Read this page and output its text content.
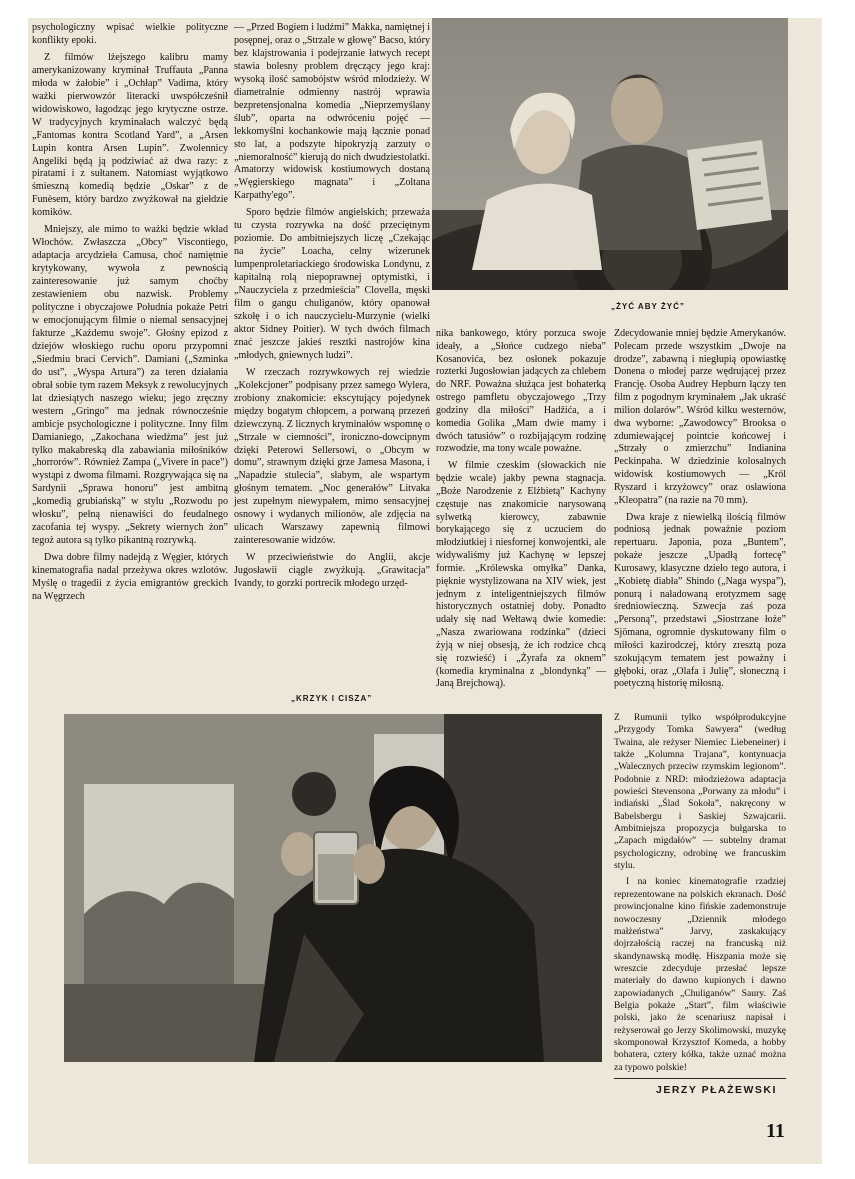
psychologiczny wpisać wielkie polityczne konflikty epoki.

Z filmów lżejszego kalibru mamy amerykanizowany kryminał Truffauta „Panna młoda w żałobie” i „Ochłap” Vadima, który ważki pierwowzór literacki uwspółcześnił widowiskowo, łagodząc jego krytyczne ostrze. W tradycyjnych kryminałach walczyć będą „Fantomas kontra Scotland Yard”, a „Arsen Lupin kontra Arsen Lupin”. Zwolennicy Angeliki będą ją podziwiać aż dwa razy: z piratami i z sułtanem. Natomiast wyjątkowo śmieszną komedią będzie „Oskar” z de Funèsem, który bardzo zwyżkował na giełdzie komików.

Mniejszy, ale mimo to ważki będzie wkład Włochów. Zwłaszcza „Obcy” Viscontiego, adaptacja arcydzieła Camusa, choć namiętnie krytykowany, wywoła z pewnością zainteresowanie już samym choćby zestawieniem obu nazwisk. Problemy polityczne i obyczajowe Południa pokaże Petri w emocjonującym filmie o niemal sensacyjnej fakturze „Każdemu swoje”. Głośny epizod z dziejów włoskiego ruchu oporu przypomni „Siedmiu braci Cervich”. Damiani („Szminka do ust”, „Wyspa Artura”) za teren działania obrał sobie tym razem Meksyk z rewolucyjnych lat dziesiątych naszego wieku; jego zręczny western „Gringo” ma jednak równocześnie ambicje psychologiczne i polityczne. Inny film Damianiego, „Zakochana wiedźma” jest już tylko makabreską dla zabawiania miłośników „horrorów”. Również Zampa („Vivere in pace”) wystąpi z dwoma filmami. Rozgrywająca się na Sardynii „Sprawa honoru” jest ambitną „komedią grubiańską” w stylu „Rozwodu po włosku”, pełną nienawiści do feudalnego zacofania tej wyspy. „Sekrety wiernych żon” tegoż autora są tylko pikantną rozrywką.

Dwa dobre filmy nadejdą z Węgier, których kinematografia nadal przeżywa okres wzlotów. Myślę o tragedii z życia emigrantów greckich na Węgrzech

— „Przed Bogiem i ludźmi” Makka, namiętnej i posępnej, oraz o „Strzale w głowę” Bacso, który bez klajstrowania i podejrzanie łatwych recept stawia bolesny problem dręczący jego kraj: wysoką ilość samobójstw wśród młodzieży. W diametralnie odmienny nastrój wprawia bezpretensjonalna komedia „Nieprzemyślany ślub”, oparta na odwróceniu pojęć — lekkomyślni kochankowie mają łącznie ponad sto lat, a podszyte hipokryzją zarzuty o „niemoralność” kierują do nich dwudziestolatki. Amatorzy widowisk kostiumowych dostaną „Węgierskiego magnata” i „Zoltana Karpathy'ego”.

Sporo będzie filmów angielskich; przeważa tu czysta rozrywka na dość przeciętnym poziomie. Do ambitniejszych liczę „Czekając na życie” Loacha, celny wizerunek lumpenproletariackiego środowiska Londynu, z kapitalną rolą niepoprawnej optymistki, i „Nauczyciela z przedmieścia” Clovella, męski film o gangu chuliganów, który opanował szkołę i o ich nauczycielu-Murzynie (wielki aktor Sidney Poitier). W tych dwóch filmach znać jeszcze jakieś resztki nastrojów kina „młodych, gniewnych ludzi”.

W rzeczach rozrywkowych rej wiedzie „Kolekcjoner” podpisany przez samego Wylera, zrobiony znakomicie: ekscytujący pojedynek między bogatym chłopcem, a porwaną przezeń dziewczyną. Z licznych kryminałów wspomnę o „Strzale w ciemności”, ironiczno-dowcipnym dzięki Peterowi Sellersowi, o „Obcym w domu”, strawnym dzięki grze Jamesa Masona, i „Napadzie stulecia”, słabym, ale wspartym głośnym tematem. „Noc generałów” Litvaka jest zupełnym niewypałem, mimo sensacyjnej osnowy i wydanych milionów, ale zdjęcia na ulicach Warszawy zapewnią filmowi zainteresowanie widzów.

W przeciwieństwie do Anglii, akcje Jugosławii ciągle zwyżkują. „Grawitacja” Ivandy, to gorzki portrecik młodego urzęd-

„ŻYĆ ABY ŻYĆ”

nika bankowego, który porzuca swoje ideały, a „Słońce cudzego nieba” Kosanovića, bez osłonek pokazuje rozterki Jugosłowian jadących za chlebem do NRF. Poważna służąca jest bohaterką ostrego pamfletu obyczajowego „Trzy godziny dla miłości” Hadžića, a i komedia Golika „Mam dwie mamy i dwóch tatusiów” o rozbijającym rodzinę rozwodzie, ma tony wcale poważne.

W filmie czeskim (słowackich nie będzie wcale) jakby pewna stagnacja. „Boże Narodzenie z Elżbietą” Kachyny częstuje nas znakomicie narysowaną sylwetką kierowcy, zabawnie borykającego się z uczuciem do młodziutkiej i niesfornej konwojentki, ale widywaliśmy już Kachynę w lepszej formie. „Królewska omyłka” Danka, pięknie wystylizowana na XIV wiek, jest jednym z inteligentniejszych filmów historycznych ostatniej doby. Ponadto udały się nad Wełtawą dwie komedie: „Nasza zwariowana rodzinka” (dzieci żyją w niej obsesją, że ich rodzice chcą się rozwieść) i „Żyrafa za oknem” (komedia kryminalna z „blondynką” — Janą Brejchową).

Zdecydowanie mniej będzie Amerykanów. Polecam przede wszystkim „Dwoje na drodze”, zabawną i niegłupią opowiastkę Donena o młodej parze wędrującej przez Francję. Osoba Audrey Hepburn łączy ten film z pogodnym kryminałem „Jak ukraść milion dolarów”. Wśród kilku westernów, dwa wyborne: „Zawodowcy” Brooksa o zdumiewającej pointcie końcowej i „Strzały o zmierzchu” Indianina Peckinpaha. W dziedzinie kolosalnych widowisk kostiumowych — „Król Ryszard i krzyżowcy” oraz osławiona „Kleopatra” (na razie na 70 mm).

Dwa kraje z niewielką ilością filmów podniosą jednak poważnie poziom repertuaru. Japonia, poza „Buntem”, pokaże jeszcze „Upadłą fortecę” Kurosawy, klasyczne dzieło tego autora, i „Kobietę diabła” Shindo („Naga wyspa”), ponurą i naładowaną erotyzmem sagę średniowieczną. Szwecja zaś poza „Personą”, przedstawi „Siostrzane łoże” Sjömana, ogromnie dyskutowany film o miłości kazirodczej, który zresztą poza szokującym tematem jest poważny i głęboki, oraz „Olafa i Julię”, słoneczną i poetyczną historię miłosną.

„KRZYK I CISZA”

Z Rumunii tylko współprodukcyjne „Przygody Tomka Sawyera” (według Twaina, ale reżyser Niemiec Liebeneiner) i także „Kolumna Trajana”, kontynuacja „Walecznych przeciw rzymskim legionom”. Podobnie z NRD: młodzieżowa adaptacja powieści Stevensona „Porwany za młodu” i indiański „Ślad Sokoła”, nakręcony w Babelsbergu i Saskiej Szwajcarii. Ambitniejsza propozycja bułgarska to „Zapach migdałów” — subtelny dramat psychologiczny, odrobinę we francuskim stylu.

I na koniec kinematografie rzadziej reprezentowane na polskich ekranach. Dość prowincjonalne kino fińskie zademonstruje nowoczesny „Dziennik młodego małżeństwa” Jarvy, zaskakujący dojrzałością raczej na francuską niż skandynawską modłę. Hiszpania może się wreszcie zdecyduje przesłać lepsze materiały do dawno kupionych i dawno zapowiadanych „Chuliganów” Saury. Zaś Belgia pokaże „Start”, film właściwie polski, jako że scenariusz napisał i reżyserował go Jerzy Skolimowski, muzykę skomponował Krzysztof Komeda, a hobby bohatera, cztery kółka, także uznać można za typowo polskie!

JERZY PŁAŻEWSKI
11
